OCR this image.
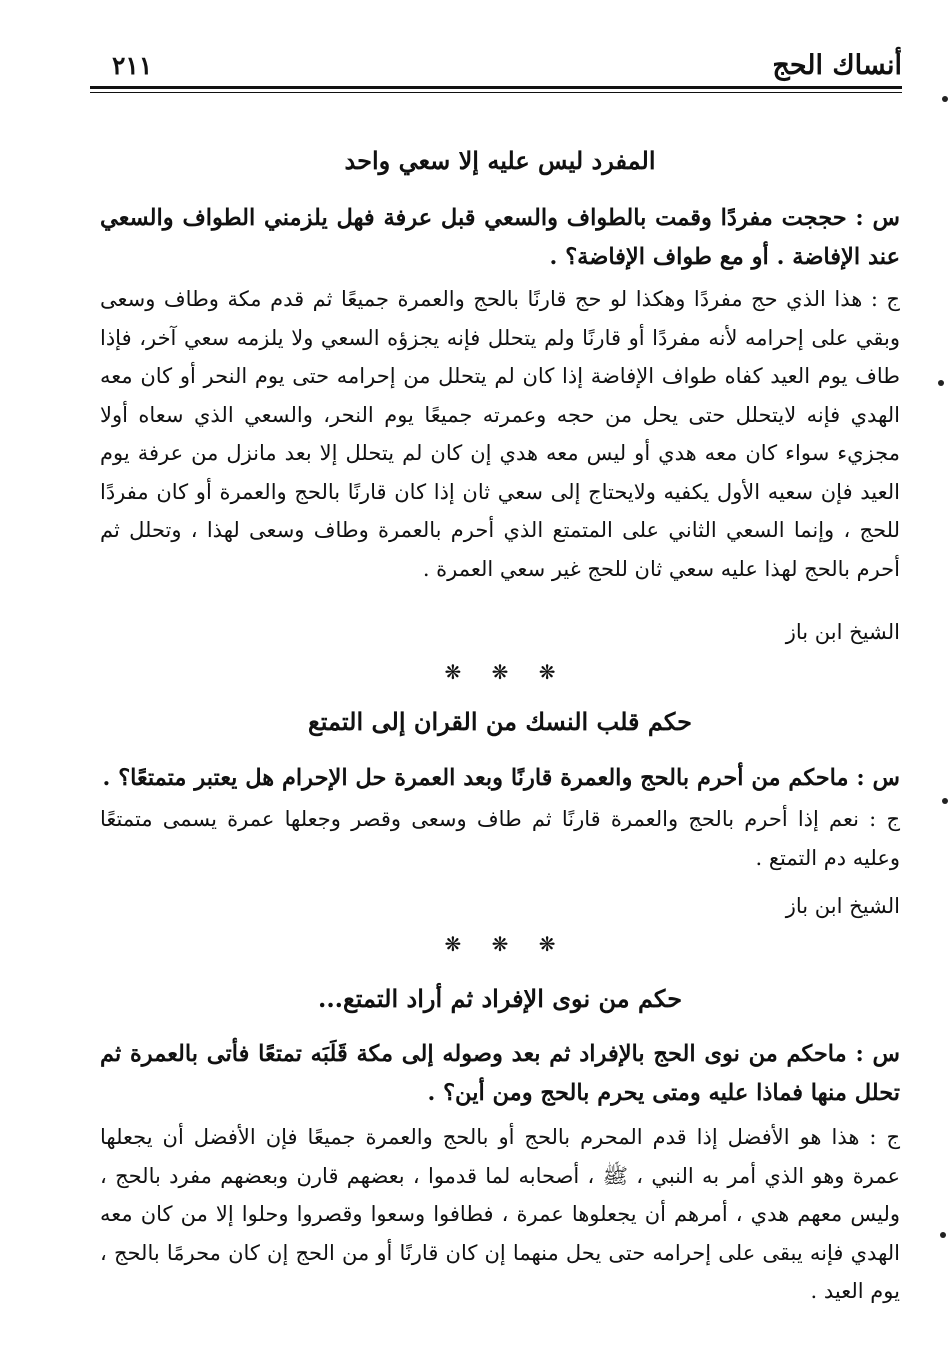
أنساك الحج
٢١١
المفرد ليس عليه إلا سعي واحد
س : حججت مفردًا وقمت بالطواف والسعي قبل عرفة فهل يلزمني الطواف والسعي عند الإفاضة . أو مع طواف الإفاضة؟ .
ج : هذا الذي حج مفردًا وهكذا لو حج قارنًا بالحج والعمرة جميعًا ثم قدم مكة وطاف وسعى وبقي على إحرامه لأنه مفردًا أو قارنًا ولم يتحلل فإنه يجزؤه السعي ولا يلزمه سعي آخر، فإذا طاف يوم العيد كفاه طواف الإفاضة إذا كان لم يتحلل من إحرامه حتى يوم النحر أو كان معه الهدي فإنه لايتحلل حتى يحل من حجه وعمرته جميعًا يوم النحر، والسعي الذي سعاه أولا مجزيء سواء كان معه هدي أو ليس معه هدي إن كان لم يتحلل إلا بعد مانزل من عرفة يوم العيد فإن سعيه الأول يكفيه ولايحتاج إلى سعي ثان إذا كان قارنًا بالحج والعمرة أو كان مفردًا للحج ، وإنما السعي الثاني على المتمتع الذي أحرم بالعمرة وطاف وسعى لهذا ، وتحلل ثم أحرم بالحج لهذا عليه سعي ثان للحج غير سعي العمرة .
الشيخ ابن باز
❋ ❋ ❋
حكم قلب النسك من القران إلى التمتع
س : ماحكم من أحرم بالحج والعمرة قارنًا وبعد العمرة حل الإحرام هل يعتبر متمتعًا؟ .
ج : نعم إذا أحرم بالحج والعمرة قارنًا ثم طاف وسعى وقصر وجعلها عمرة يسمى متمتعًا وعليه دم التمتع .
الشيخ ابن باز
❋ ❋ ❋
حكم من نوى الإفراد ثم أراد التمتع...
س : ماحكم من نوى الحج بالإفراد ثم بعد وصوله إلى مكة قَلَبَه تمتعًا فأتى بالعمرة ثم تحلل منها فماذا عليه ومتى يحرم بالحج ومن أين؟ .
ج : هذا هو الأفضل إذا قدم المحرم بالحج أو بالحج والعمرة جميعًا فإن الأفضل أن يجعلها عمرة وهو الذي أمر به النبي ، ﷺ ، أصحابه لما قدموا ، بعضهم قارن وبعضهم مفرد بالحج ، وليس معهم هدي ، أمرهم أن يجعلوها عمرة ، فطافوا وسعوا وقصروا وحلوا إلا من كان معه الهدي فإنه يبقى على إحرامه حتى يحل منهما إن كان قارنًا أو من الحج إن كان محرمًا بالحج ، يوم العيد .
